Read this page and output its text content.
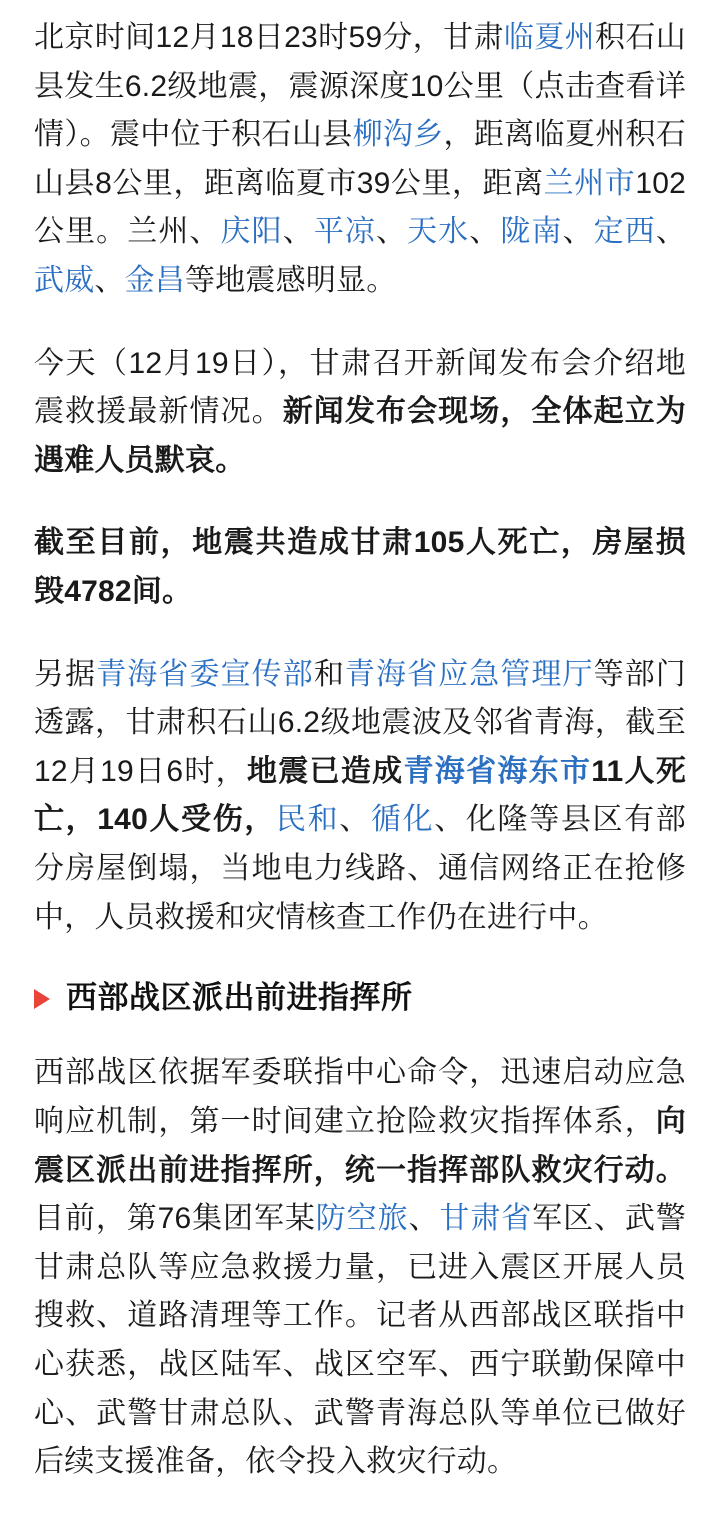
北京时间12月18日23时59分，甘肃临夏州积石山县发生6.2级地震，震源深度10公里（点击查看详情）。震中位于积石山县柳沟乡，距离临夏州积石山县8公里，距离临夏市39公里，距离兰州市102公里。兰州、庆阳、平凉、天水、陇南、定西、武威、金昌等地震感明显。

今天（12月19日），甘肃召开新闻发布会介绍地震救援最新情况。新闻发布会现场，全体起立为遇难人员默哀。

截至目前，地震共造成甘肃105人死亡，房屋损毁4782间。

另据青海省委宣传部和青海省应急管理厅等部门透露，甘肃积石山6.2级地震波及邻省青海，截至12月19日6时，地震已造成青海省海东市11人死亡，140人受伤，民和、循化、化隆等县区有部分房屋倒塌，当地电力线路、通信网络正在抢修中，人员救援和灾情核查工作仍在进行中。

西部战区派出前进指挥所

西部战区依据军委联指中心命令，迅速启动应急响应机制，第一时间建立抢险救灾指挥体系，向震区派出前进指挥所，统一指挥部队救灾行动。目前，第76集团军某防空旅、甘肃省军区、武警甘肃总队等应急救援力量，已进入震区开展人员搜救、道路清理等工作。记者从西部战区联指中心获悉，战区陆军、战区空军、西宁联勤保障中心、武警甘肃总队、武警青海总队等单位已做好后续支援准备，依令投入救灾行动。
